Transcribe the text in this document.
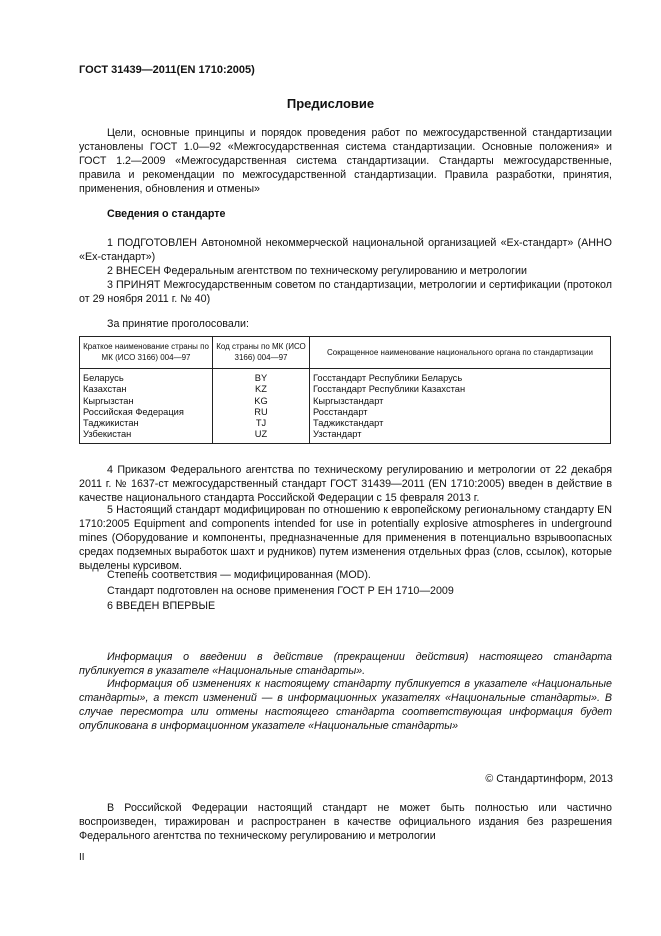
ГОСТ 31439—2011(EN 1710:2005)
Предисловие
Цели, основные принципы и порядок проведения работ по межгосударственной стандартизации установлены ГОСТ 1.0—92 «Межгосударственная система стандартизации. Основные положения» и ГОСТ 1.2—2009 «Межгосударственная система стандартизации. Стандарты межгосударственные, правила и рекомендации по межгосударственной стандартизации. Правила разработки, принятия, применения, обновления и отмены»
Сведения о стандарте
1 ПОДГОТОВЛЕН Автономной некоммерческой национальной организацией «Ех-стандарт» (АННО «Ех-стандарт»)
2 ВНЕСЕН Федеральным агентством по техническому регулированию и метрологии
3 ПРИНЯТ Межгосударственным советом по стандартизации, метрологии и сертификации (протокол от 29 ноября 2011 г. № 40)
За принятие проголосовали:
Краткое наименование страны по МК (ИСО 3166) 004—97	Код страны по МК (ИСО 3166) 004—97	Сокращенное наименование национального органа по стандартизации

Беларусь	BY	Госстандарт Республики Беларусь
Казахстан	KZ	Госстандарт Республики Казахстан
Кыргызстан	KG	Кыргызстандарт
Российская Федерация	RU	Росстандарт
Таджикистан	TJ	Таджикстандарт
Узбекистан	UZ	Узстандарт
4 Приказом Федерального агентства по техническому регулированию и метрологии от 22 декабря 2011 г. № 1637-ст межгосударственный стандарт ГОСТ 31439—2011 (EN 1710:2005) введен в действие в качестве национального стандарта Российской Федерации с 15 февраля 2013 г.
5 Настоящий стандарт модифицирован по отношению к европейскому региональному стандарту EN 1710:2005 Equipment and components intended for use in potentially explosive atmospheres in underground mines (Оборудование и компоненты, предназначенные для применения в потенциально взрывоопасных средах подземных выработок шахт и рудников) путем изменения отдельных фраз (слов, ссылок), которые выделены курсивом.
Степень соответствия — модифицированная (MOD).
Стандарт подготовлен на основе применения ГОСТ Р ЕН 1710—2009
6 ВВЕДЕН ВПЕРВЫЕ
Информация о введении в действие (прекращении действия) настоящего стандарта публикуется в указателе «Национальные стандарты».
Информация об изменениях к настоящему стандарту публикуется в указателе «Национальные стандарты», а текст изменений — в информационных указателях «Национальные стандарты». В случае пересмотра или отмены настоящего стандарта соответствующая информация будет опубликована в информационном указателе «Национальные стандарты»
© Стандартинформ, 2013
В Российской Федерации настоящий стандарт не может быть полностью или частично воспроизведен, тиражирован и распространен в качестве официального издания без разрешения Федерального агентства по техническому регулированию и метрологии
II
